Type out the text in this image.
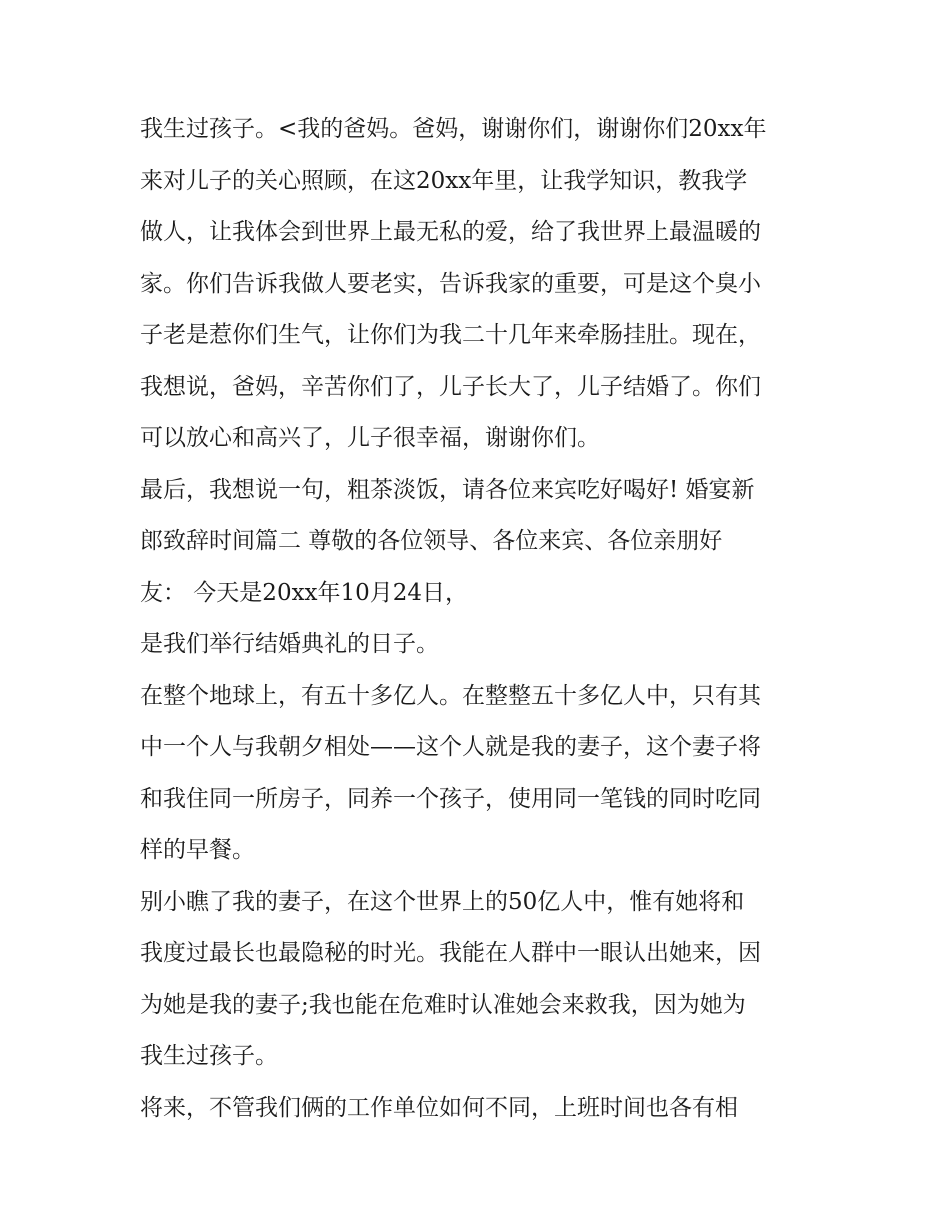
我生过孩子。<我的爸妈。爸妈，谢谢你们，谢谢你们20xx年
来对儿子的关心照顾，在这20xx年里，让我学知识，教我学
做人，让我体会到世界上最无私的爱，给了我世界上最温暖的
家。你们告诉我做人要老实，告诉我家的重要，可是这个臭小
子老是惹你们生气，让你们为我二十几年来牵肠挂肚。现在，
我想说，爸妈，辛苦你们了，儿子长大了，儿子结婚了。你们
可以放心和高兴了，儿子很幸福，谢谢你们。
最后，我想说一句，粗茶淡饭，请各位来宾吃好喝好! 婚宴新
郎致辞时间篇二 尊敬的各位领导、各位来宾、各位亲朋好
友： 今天是20xx年10月24日，
是我们举行结婚典礼的日子。
在整个地球上，有五十多亿人。在整整五十多亿人中，只有其
中一个人与我朝夕相处——这个人就是我的妻子，这个妻子将
和我住同一所房子，同养一个孩子，使用同一笔钱的同时吃同
样的早餐。
别小瞧了我的妻子，在这个世界上的50亿人中，惟有她将和
我度过最长也最隐秘的时光。我能在人群中一眼认出她来，因
为她是我的妻子;我也能在危难时认准她会来救我，因为她为
我生过孩子。
将来，不管我们俩的工作单位如何不同，上班时间也各有相
